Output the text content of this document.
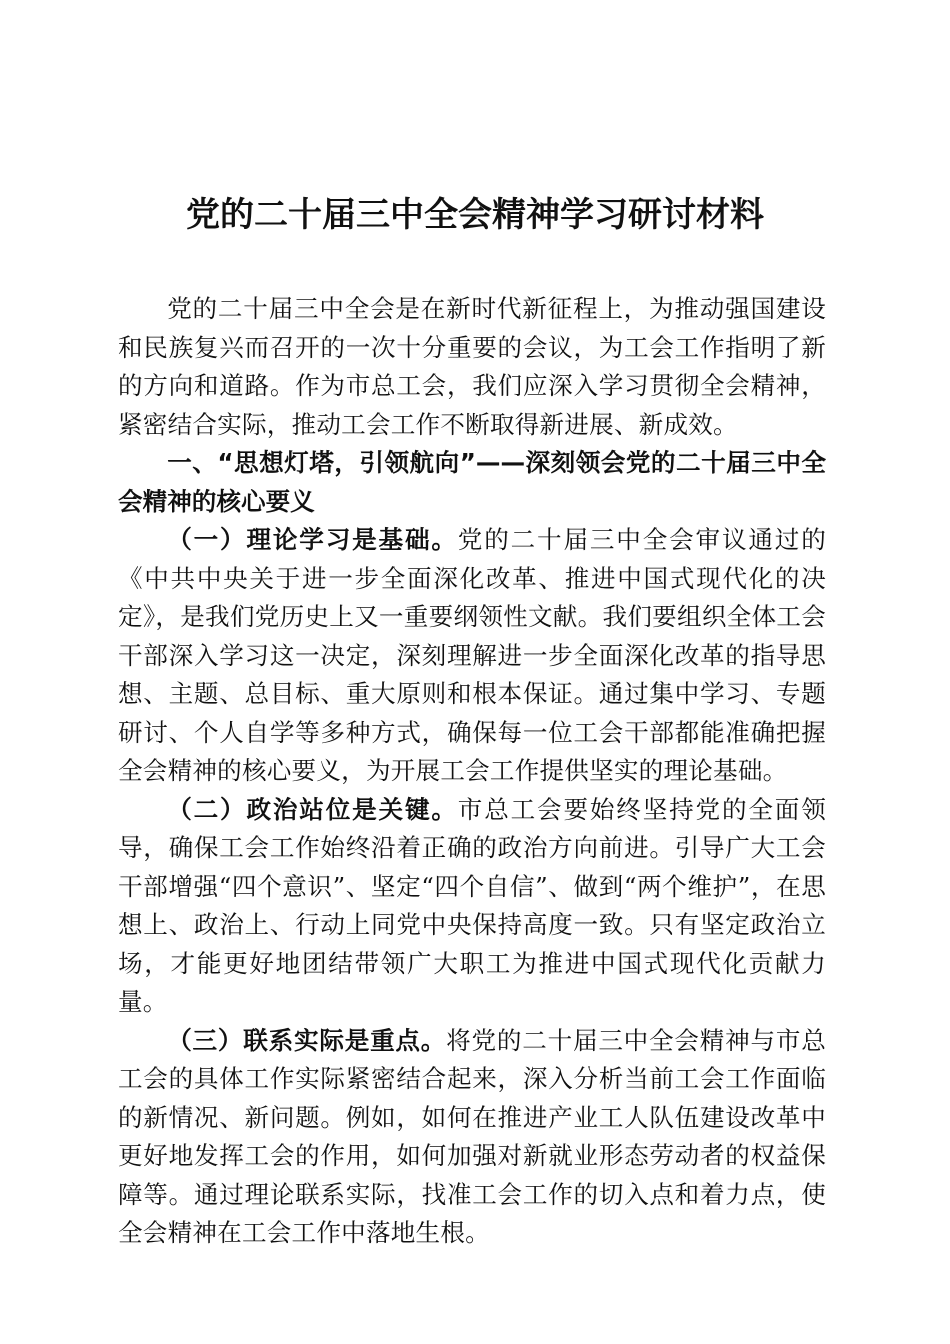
党的二十届三中全会精神学习研讨材料

党的二十届三中全会是在新时代新征程上，为推动强国建设和民族复兴而召开的一次十分重要的会议，为工会工作指明了新的方向和道路。作为市总工会，我们应深入学习贯彻全会精神，紧密结合实际，推动工会工作不断取得新进展、新成效。

一、“思想灯塔，引领航向”——深刻领会党的二十届三中全会精神的核心要义

（一）理论学习是基础。党的二十届三中全会审议通过的《中共中央关于进一步全面深化改革、推进中国式现代化的决定》，是我们党历史上又一重要纲领性文献。我们要组织全体工会干部深入学习这一决定，深刻理解进一步全面深化改革的指导思想、主题、总目标、重大原则和根本保证。通过集中学习、专题研讨、个人自学等多种方式，确保每一位工会干部都能准确把握全会精神的核心要义，为开展工会工作提供坚实的理论基础。

（二）政治站位是关键。市总工会要始终坚持党的全面领导，确保工会工作始终沿着正确的政治方向前进。引导广大工会干部增强“四个意识”、坚定“四个自信”、做到“两个维护”，在思想上、政治上、行动上同党中央保持高度一致。只有坚定政治立场，才能更好地团结带领广大职工为推进中国式现代化贡献力量。

（三）联系实际是重点。将党的二十届三中全会精神与市总工会的具体工作实际紧密结合起来，深入分析当前工会工作面临的新情况、新问题。例如，如何在推进产业工人队伍建设改革中更好地发挥工会的作用，如何加强对新就业形态劳动者的权益保障等。通过理论联系实际，找准工会工作的切入点和着力点，使全会精神在工会工作中落地生根。
